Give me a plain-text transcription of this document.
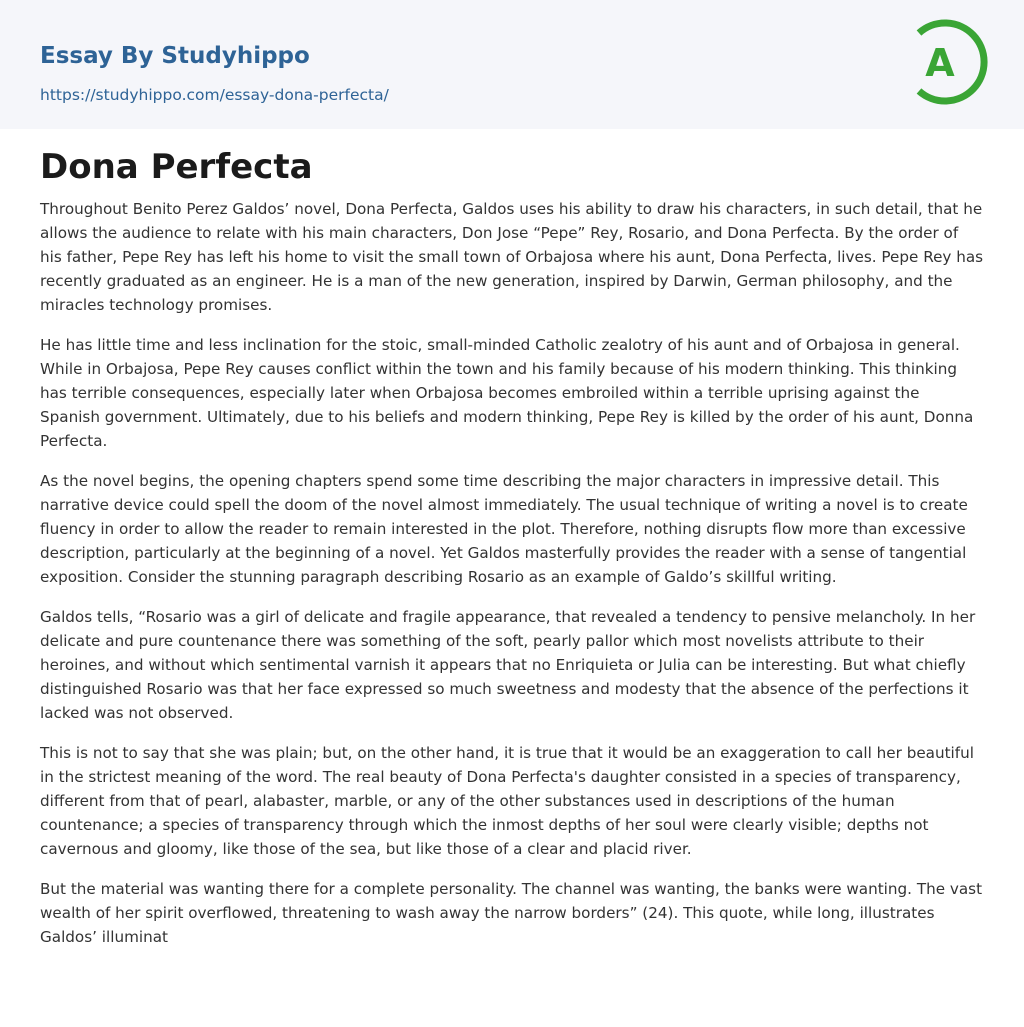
Essay By Studyhippo
https://studyhippo.com/essay-dona-perfecta/
A
Dona Perfecta

Throughout Benito Perez Galdos’ novel, Dona Perfecta, Galdos uses his ability to draw his characters, in such detail, that he allows the audience to relate with his main characters, Don Jose “Pepe” Rey, Rosario, and Dona Perfecta. By the order of his father, Pepe Rey has left his home to visit the small town of Orbajosa where his aunt, Dona Perfecta, lives. Pepe Rey has recently graduated as an engineer. He is a man of the new generation, inspired by Darwin, German philosophy, and the miracles technology promises.

He has little time and less inclination for the stoic, small-minded Catholic zealotry of his aunt and of Orbajosa in general. While in Orbajosa, Pepe Rey causes conflict within the town and his family because of his modern thinking. This thinking has terrible consequences, especially later when Orbajosa becomes embroiled within a terrible uprising against the Spanish government. Ultimately, due to his beliefs and modern thinking, Pepe Rey is killed by the order of his aunt, Donna Perfecta.

As the novel begins, the opening chapters spend some time describing the major characters in impressive detail. This narrative device could spell the doom of the novel almost immediately. The usual technique of writing a novel is to create fluency in order to allow the reader to remain interested in the plot. Therefore, nothing disrupts flow more than excessive description, particularly at the beginning of a novel. Yet Galdos masterfully provides the reader with a sense of tangential exposition. Consider the stunning paragraph describing Rosario as an example of Galdo’s skillful writing.

Galdos tells, “Rosario was a girl of delicate and fragile appearance, that revealed a tendency to pensive melancholy. In her delicate and pure countenance there was something of the soft, pearly pallor which most novelists attribute to their heroines, and without which sentimental varnish it appears that no Enriquieta or Julia can be interesting. But what chiefly distinguished Rosario was that her face expressed so much sweetness and modesty that the absence of the perfections it lacked was not observed.

This is not to say that she was plain; but, on the other hand, it is true that it would be an exaggeration to call her beautiful in the strictest meaning of the word. The real beauty of Dona Perfecta's daughter consisted in a species of transparency, different from that of pearl, alabaster, marble, or any of the other substances used in descriptions of the human countenance; a species of transparency through which the inmost depths of her soul were clearly visible; depths not cavernous and gloomy, like those of the sea, but like those of a clear and placid river.

But the material was wanting there for a complete personality. The channel was wanting, the banks were wanting. The vast wealth of her spirit overflowed, threatening to wash away the narrow borders” (24). This quote, while long, illustrates Galdos’ illuminat
